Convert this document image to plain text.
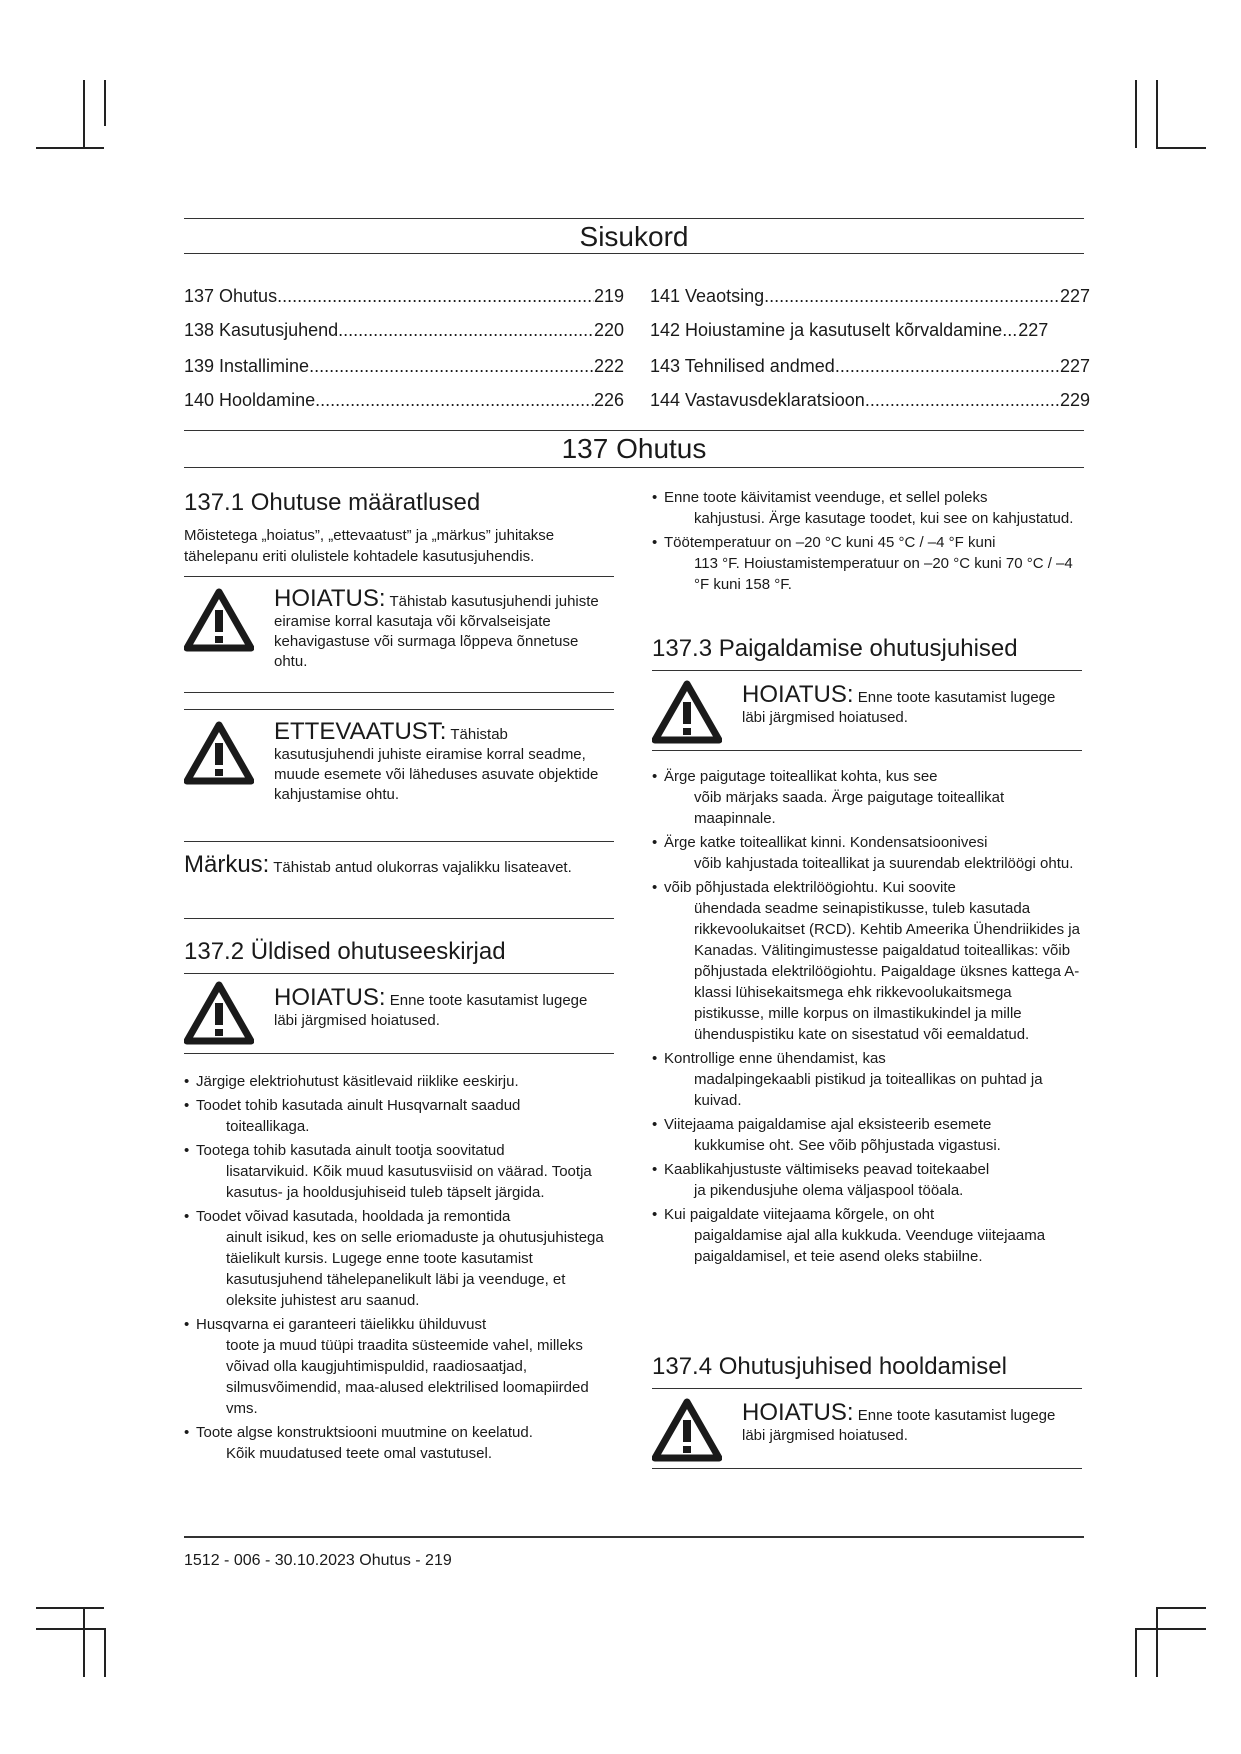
Sisukord
137 Ohutus .....	219
138 Kasutusjuhend .....	220
139 Installimine .....	222
140 Hooldamine .....	226
141 Veaotsing .....	227
142 Hoiustamine ja kasutuselt kõrvaldamine ..... 227
143 Tehnilised andmed .....	227
144 Vastavusdeklaratsioon .....	229
137 Ohutus
137.1 Ohutuse määratlused
Mõistetega „hoiatus”, „ettevaatust” ja „märkus” juhitakse tähelepanu eriti olulistele kohtadele kasutusjuhendis.
HOIATUS: Tähistab kasutusjuhendi juhiste eiramise korral kasutaja või kõrvalseisjate kehavigastuse või surmaga lõppeva õnnetuse ohtu.
ETTEVAATUST: Tähistab kasutusjuhendi juhiste eiramise korral seadme, muude esemete või läheduses asuvate objektide kahjustamise ohtu.
Märkus: Tähistab antud olukorras vajalikku lisateavet.
137.2 Üldised ohutuseeskirjad
HOIATUS: Enne toote kasutamist lugege läbi järgmised hoiatused.
• Järgige elektriohutust käsitlevaid riiklike eeskirju.
• Toodet tohib kasutada ainult Husqvarnalt saadud
toiteallikaga.
• Tootega tohib kasutada ainult tootja soovitatud
lisatarvikuid. Kõik muud kasutusviisid on väärad. Tootja kasutus- ja hooldusjuhiseid tuleb täpselt järgida.
• Toodet võivad kasutada, hooldada ja remontida
ainult isikud, kes on selle eriomaduste ja ohutusjuhistega täielikult kursis. Lugege enne toote kasutamist kasutusjuhend tähelepanelikult läbi ja veenduge, et oleksite juhistest aru saanud.
• Husqvarna ei garanteeri täielikku ühilduvust
toote ja muud tüüpi traadita süsteemide vahel, milleks võivad olla kaugjuhtimispuldid, raadiosaatjad, silmusvõimendid, maa-alused elektrilised loomapiirded vms.
• Toote algse konstruktsiooni muutmine on keelatud.
Kõik muudatused teete omal vastutusel.
• Enne toote käivitamist veenduge, et sellel poleks
kahjustusi. Ärge kasutage toodet, kui see on kahjustatud.
• Töötemperatuur on –20 °C kuni 45 °C / –4 °F kuni
113 °F. Hoiustamistemperatuur on –20 °C kuni 70 °C / –4 °F kuni 158 °F.
137.3 Paigaldamise ohutusjuhised
HOIATUS: Enne toote kasutamist lugege läbi järgmised hoiatused.
• Ärge paigutage toiteallikat kohta, kus see
võib märjaks saada. Ärge paigutage toiteallikat maapinnale.
• Ärge katke toiteallikat kinni. Kondensatsioonivesi
võib kahjustada toiteallikat ja suurendab elektrilöögi ohtu.
• võib põhjustada elektrilöögiohtu. Kui soovite
ühendada seadme seinapistikusse, tuleb kasutada rikkevoolukaitset (RCD). Kehtib Ameerika Ühendriikides ja Kanadas. Välitingimustesse paigaldatud toiteallikas: võib põhjustada elektrilöögiohtu. Paigaldage üksnes kattega A-klassi lühisekaitsmega ehk rikkevoolukaitsmega pistikusse, mille korpus on ilmastikukindel ja mille ühenduspistiku kate on sisestatud või eemaldatud.
• Kontrollige enne ühendamist, kas
madalpingekaabli pistikud ja toiteallikas on puhtad ja kuivad.
• Viitejaama paigaldamise ajal eksisteerib esemete
kukkumise oht. See võib põhjustada vigastusi.
• Kaablikahjustuste vältimiseks peavad toitekaabel
ja pikendusjuhe olema väljaspool tööala.
• Kui paigaldate viitejaama kõrgele, on oht
paigaldamise ajal alla kukkuda. Veenduge viitejaama paigaldamisel, et teie asend oleks stabiilne.
137.4 Ohutusjuhised hooldamisel
HOIATUS: Enne toote kasutamist lugege läbi järgmised hoiatused.
1512 - 006 - 30.10.2023 Ohutus - 219
